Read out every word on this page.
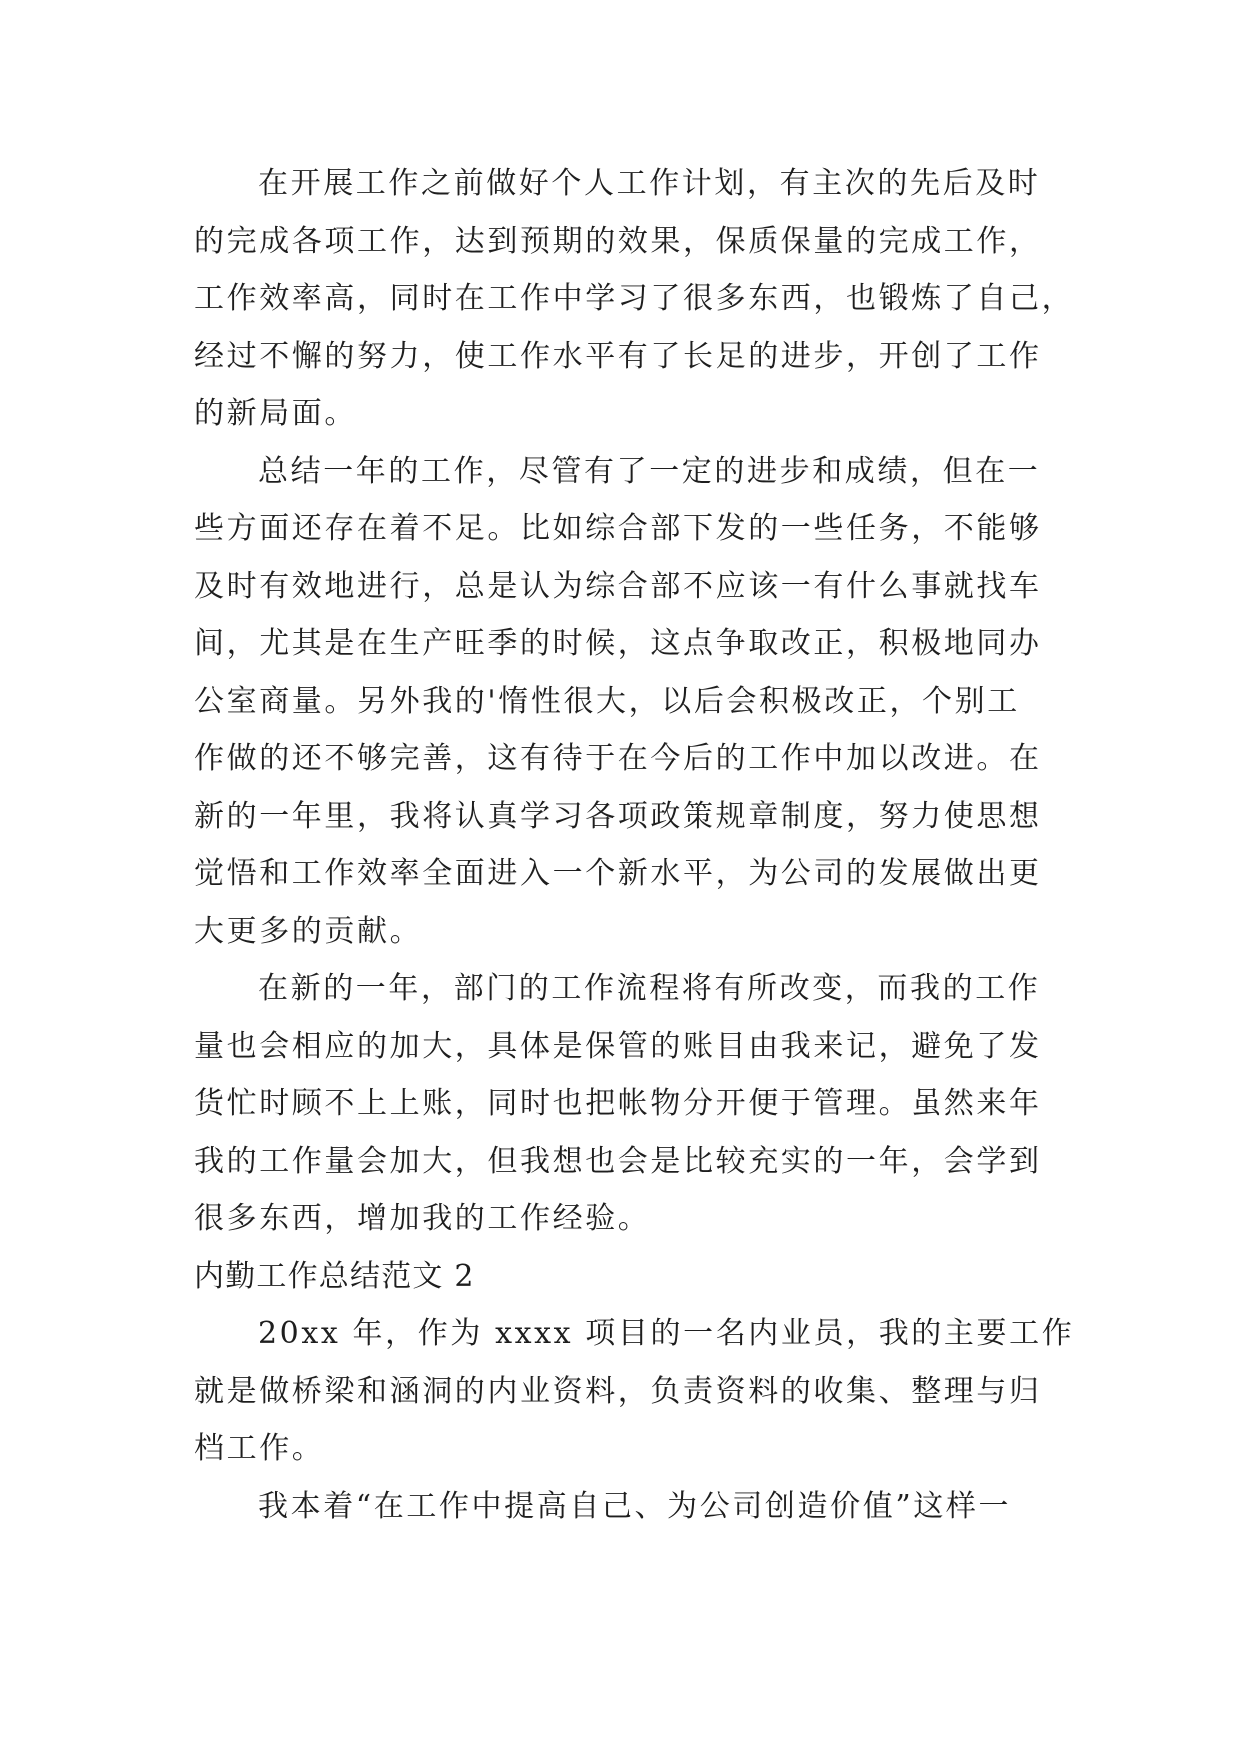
在开展工作之前做好个人工作计划，有主次的先后及时
的完成各项工作，达到预期的效果，保质保量的完成工作，
工作效率高，同时在工作中学习了很多东西，也锻炼了自己，
经过不懈的努力，使工作水平有了长足的进步，开创了工作
的新局面。
总结一年的工作，尽管有了一定的进步和成绩，但在一
些方面还存在着不足。比如综合部下发的一些任务，不能够
及时有效地进行，总是认为综合部不应该一有什么事就找车
间，尤其是在生产旺季的时候，这点争取改正，积极地同办
公室商量。另外我的'惰性很大，以后会积极改正，个别工
作做的还不够完善，这有待于在今后的工作中加以改进。在
新的一年里，我将认真学习各项政策规章制度，努力使思想
觉悟和工作效率全面进入一个新水平，为公司的发展做出更
大更多的贡献。
在新的一年，部门的工作流程将有所改变，而我的工作
量也会相应的加大，具体是保管的账目由我来记，避免了发
货忙时顾不上上账，同时也把帐物分开便于管理。虽然来年
我的工作量会加大，但我想也会是比较充实的一年，会学到
很多东西，增加我的工作经验。
内勤工作总结范文 2
20xx 年，作为 xxxx 项目的一名内业员，我的主要工作
就是做桥梁和涵洞的内业资料，负责资料的收集、整理与归
档工作。
我本着“在工作中提高自己、为公司创造价值”这样一
